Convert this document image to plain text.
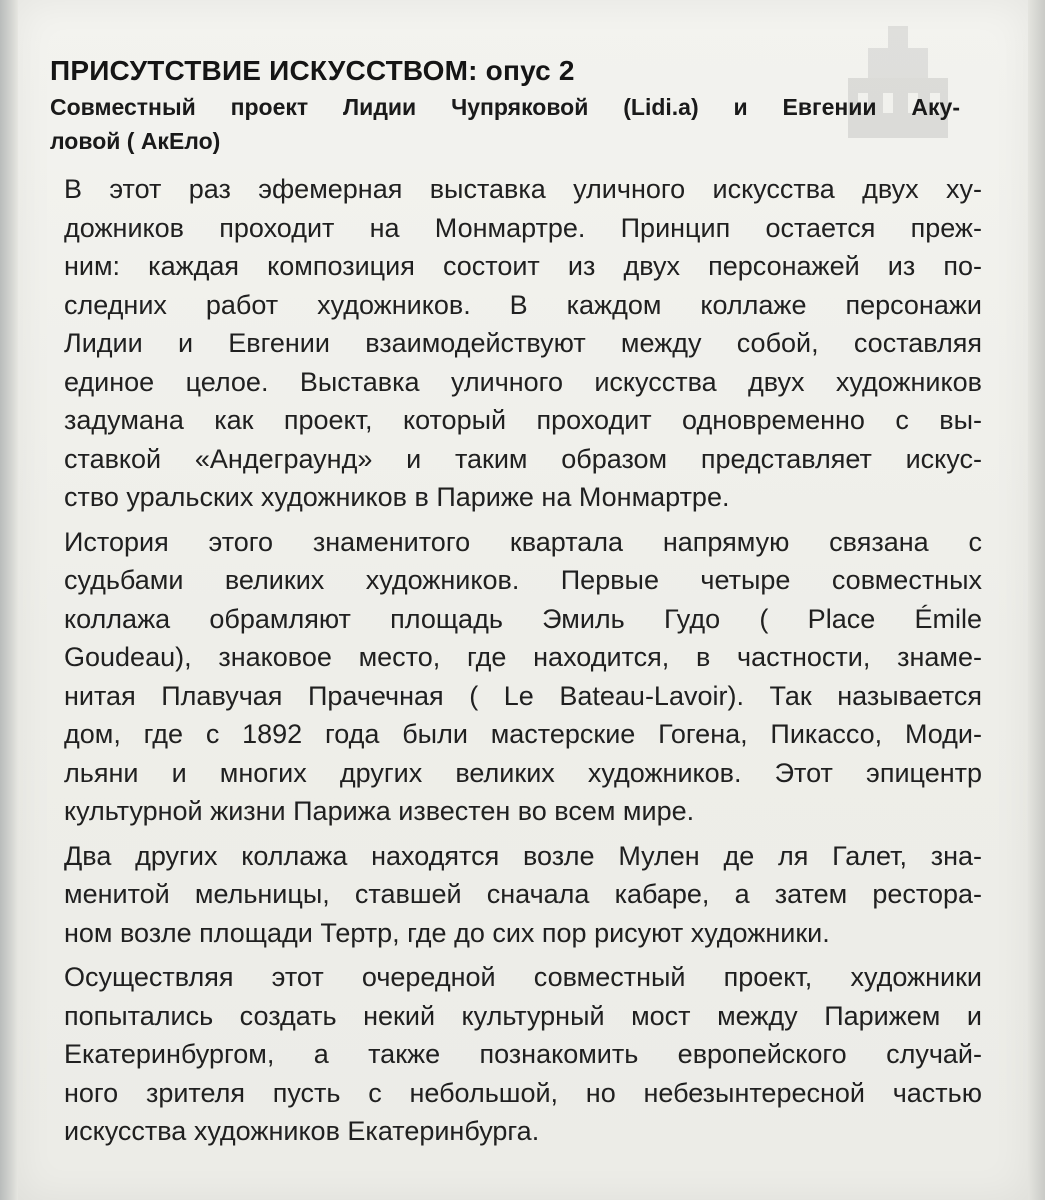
ПРИСУТСТВИЕ ИСКУССТВОМ: опус 2
Совместный проект Лидии Чупряковой (Lidi.a) и Евгении Аку-
ловой ( АкЕло)

В этот раз эфемерная выставка уличного искусства двух ху-
дожников проходит на Монмартре. Принцип остается преж-
ним: каждая композиция состоит из двух персонажей из по-
следних работ художников. В каждом коллаже персонажи
Лидии и Евгении взаимодействуют между собой, составляя
единое целое. Выставка уличного искусства двух художников
задумана как проект, который проходит одновременно с вы-
ставкой «Андеграунд» и таким образом представляет искус-
ство уральских художников в Париже на Монмартре.

История этого знаменитого квартала напрямую связана с
судьбами великих художников. Первые четыре совместных
коллажа обрамляют площадь Эмиль Гудо ( Place Émile
Goudeau), знаковое место, где находится, в частности, знаме-
нитая Плавучая Прачечная ( Le Bateau-Lavoir). Так называется
дом, где с 1892 года были мастерские Гогена, Пикассо, Моди-
льяни и многих других великих художников. Этот эпицентр
культурной жизни Парижа известен во всем мире.

Два других коллажа находятся возле Мулен де ля Галет, зна-
менитой мельницы, ставшей сначала кабаре, а затем рестора-
ном возле площади Тертр, где до сих пор рисуют художники.

Осуществляя этот очередной совместный проект, художники
попытались создать некий культурный мост между Парижем и
Екатеринбургом, а также познакомить европейского случай-
ного зрителя пусть с небольшой, но небезынтересной частью
искусства художников Екатеринбурга.
